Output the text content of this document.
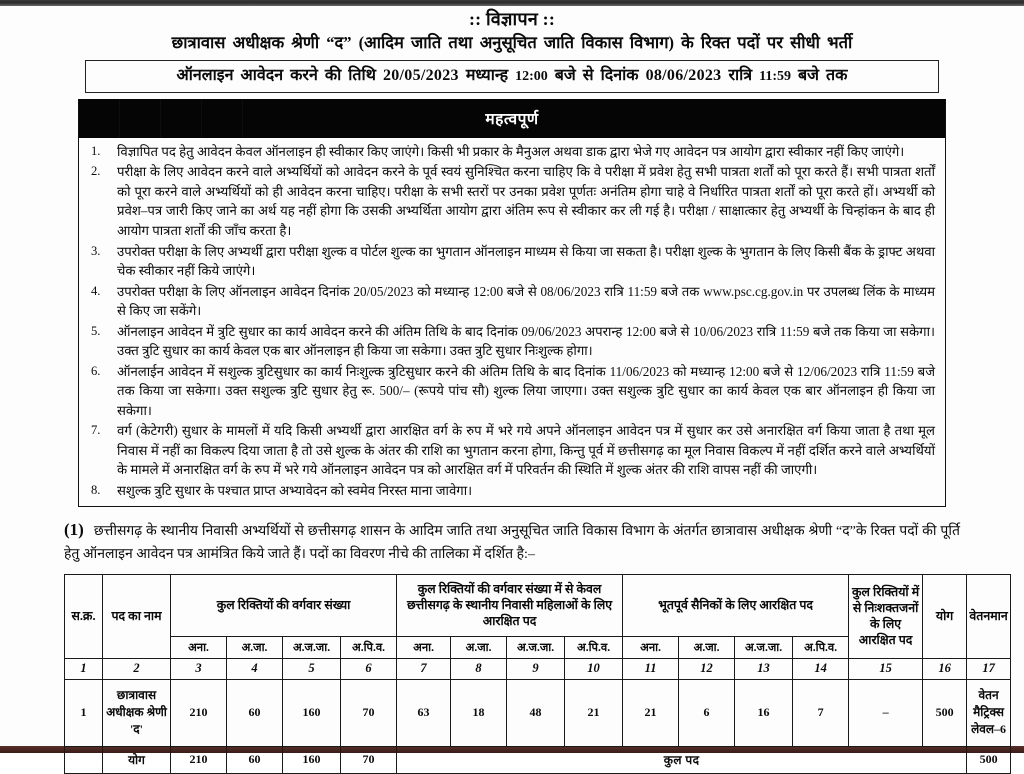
:: विज्ञापन ::
छात्रावास अधीक्षक श्रेणी “द” (आदिम जाति तथा अनुसूचित जाति विकास विभाग) के रिक्त पदों पर सीधी भर्ती
ऑनलाइन आवेदन करने की तिथि 20/05/2023 मध्यान्ह 12:00 बजे से दिनांक 08/06/2023 रात्रि 11:59 बजे तक
महत्वपूर्ण
विज्ञापित पद हेतु आवेदन केवल ऑनलाइन ही स्वीकार किए जाएंगे। किसी भी प्रकार के मैनुअल अथवा डाक द्वारा भेजे गए आवेदन पत्र आयोग द्वारा स्वीकार नहीं किए जाएंगे।
परीक्षा के लिए आवेदन करने वाले अभ्यर्थियों को आवेदन करने के पूर्व स्वयं सुनिश्चित करना चाहिए कि वे परीक्षा में प्रवेश हेतु सभी पात्रता शर्तों को पूरा करते हैं। सभी पात्रता शर्तों को पूरा करने वाले अभ्यर्थियों को ही आवेदन करना चाहिए। परीक्षा के सभी स्तरों पर उनका प्रवेश पूर्णतः अनंतिम होगा चाहे वे निर्धारित पात्रता शर्तों को पूरा करते हों। अभ्यर्थी को प्रवेश–पत्र जारी किए जाने का अर्थ यह नहीं होगा कि उसकी अभ्यर्थिता आयोग द्वारा अंतिम रूप से स्वीकार कर ली गई है। परीक्षा / साक्षात्कार हेतु अभ्यर्थी के चिन्हांकन के बाद ही आयोग पात्रता शर्तों की जाँच करता है।
उपरोक्त परीक्षा के लिए अभ्यर्थी द्वारा परीक्षा शुल्क व पोर्टल शुल्क का भुगतान ऑनलाइन माध्यम से किया जा सकता है। परीक्षा शुल्क के भुगतान के लिए किसी बैंक के ड्राफ्ट अथवा चेक स्वीकार नहीं किये जाएंगे।
उपरोक्त परीक्षा के लिए ऑनलाइन आवेदन दिनांक 20/05/2023 को मध्यान्ह 12:00 बजे से 08/06/2023 रात्रि 11:59 बजे तक www.psc.cg.gov.in पर उपलब्ध लिंक के माध्यम से किए जा सकेंगे।
ऑनलाइन आवेदन में त्रुटि सुधार का कार्य आवेदन करने की अंतिम तिथि के बाद दिनांक 09/06/2023 अपरान्ह 12:00 बजे से 10/06/2023 रात्रि 11:59 बजे तक किया जा सकेगा। उक्त त्रुटि सुधार का कार्य केवल एक बार ऑनलाइन ही किया जा सकेगा। उक्त त्रुटि सुधार निःशुल्क होगा।
ऑनलाईन आवेदन में सशुल्क त्रुटिसुधार का कार्य निःशुल्क त्रुटिसुधार करने की अंतिम तिथि के बाद दिनांक 11/06/2023 को मध्यान्ह 12:00 बजे से 12/06/2023 रात्रि 11:59 बजे तक किया जा सकेगा। उक्त सशुल्क त्रुटि सुधार हेतु रू. 500/– (रूपये पांच सौ) शुल्क लिया जाएगा। उक्त सशुल्क त्रुटि सुधार का कार्य केवल एक बार ऑनलाइन ही किया जा सकेगा।
वर्ग (केटेगरी) सुधार के मामलों में यदि किसी अभ्यर्थी द्वारा आरक्षित वर्ग के रुप में भरे गये अपने ऑनलाइन आवेदन पत्र में सुधार कर उसे अनारक्षित वर्ग किया जाता है तथा मूल निवास में नहीं का विकल्प दिया जाता है तो उसे शुल्क के अंतर की राशि का भुगतान करना होगा, किन्तु पूर्व में छत्तीसगढ़ का मूल निवास विकल्प में नहीं दर्शित करने वाले अभ्यर्थियों के मामले में अनारक्षित वर्ग के रुप में भरे गये ऑनलाइन आवेदन पत्र को आरक्षित वर्ग में परिवर्तन की स्थिति में शुल्क अंतर की राशि वापस नहीं की जाएगी।
सशुल्क त्रुटि सुधार के पश्चात प्राप्त अभ्यावेदन को स्वमेव निरस्त माना जावेगा।
(1) छत्तीसगढ़ के स्थानीय निवासी अभ्यर्थियों से छत्तीसगढ़ शासन के आदिम जाति तथा अनुसूचित जाति विकास विभाग के अंतर्गत छात्रावास अधीक्षक श्रेणी “द”के रिक्त पदों की पूर्ति हेतु ऑनलाइन आवेदन पत्र आमंत्रित किये जाते हैं। पदों का विवरण नीचे की तालिका में दर्शित है:–
स.क्र.	पद का नाम	कुल रिक्तियों की वर्गवार संख्या				कुल रिक्तियों की वर्गवार संख्या में से केवल छत्तीसगढ़ के स्थानीय निवासी महिलाओं के लिए आरक्षित पद				भूतपूर्व सैनिकों के लिए आरक्षित पद				कुल रिक्तियों में से निःशक्तजनों के लिए आरक्षित पद	योग	वेतनमान	
		अना.	अ.जा.	अ.ज.जा.	अ.पि.व.	अना.	अ.जा.	अ.ज.जा.	अ.पि.व.	अना.	अ.जा.	अ.ज.जा.	अ.पि.व.				
1	2	3	4	5	6	7	8	9	10	11	12	13	14	15	16	17	
1	छात्रावास अधीक्षक श्रेणी 'द'	210	60	160	70	63	18	48	21	21	6	16	7	–	500	वेतन मैट्रिक्स लेवल–6	
	योग	210	60	160	70	कुल पद										500	
